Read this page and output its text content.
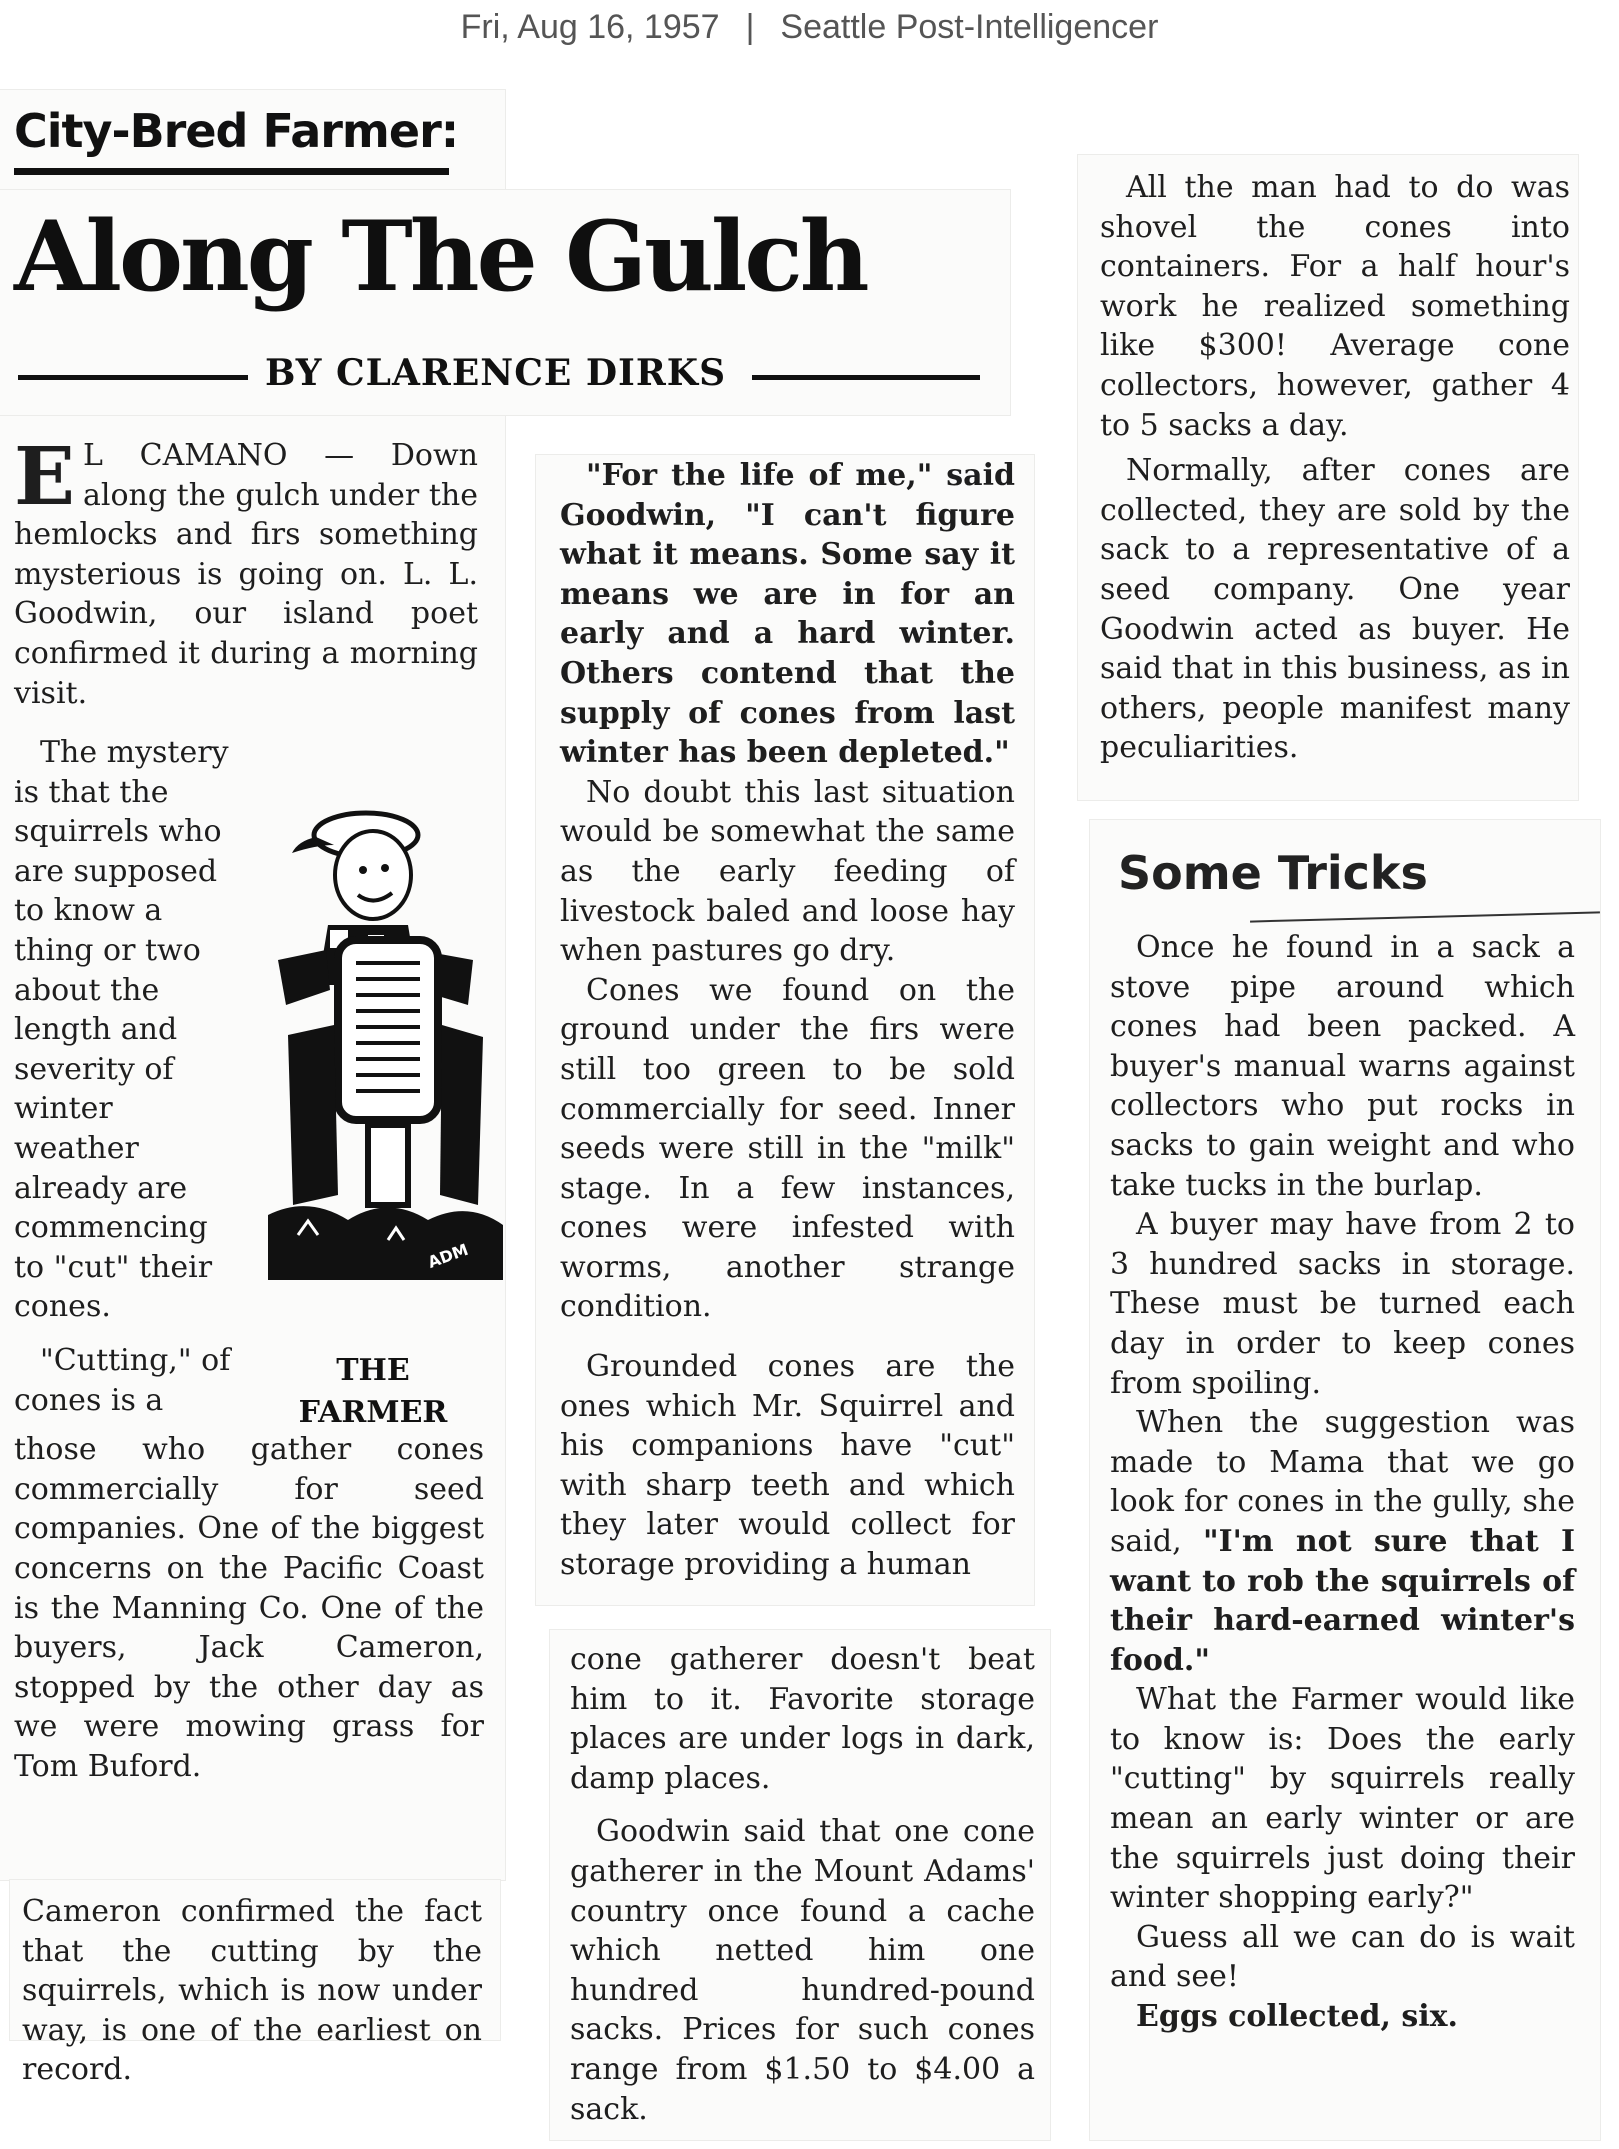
Fri, Aug 16, 1957 | Seattle Post-Intelligencer
City-Bred Farmer:
Along The Gulch
BY CLARENCE DIRKS

E L CAMANO — Down along the gulch under the hemlocks and firs something mysterious is going on. L. L. Goodwin, our island poet confirmed it during a morning visit.

The mystery is that the squirrels who are supposed to know a thing or two about the length and severity of winter weather already are commencing to "cut" their cones.

ADM
THE FARMER

"Cutting," of cones is a

those who gather cones commercially for seed companies. One of the biggest concerns on the Pacific Coast is the Manning Co. One of the buyers, Jack Cameron, stopped by the other day as we were mowing grass for Tom Buford.

Cameron confirmed the fact that the cutting by the squirrels, which is now under way, is one of the earliest on record.

"For the life of me," said Goodwin, "I can't figure what it means. Some say it means we are in for an early and a hard winter. Others contend that the supply of cones from last winter has been depleted."

No doubt this last situation would be somewhat the same as the early feeding of livestock baled and loose hay when pastures go dry.

Cones we found on the ground under the firs were still too green to be sold commercially for seed. Inner seeds were still in the "milk" stage. In a few instances, cones were infested with worms, another strange condition.

Grounded cones are the ones which Mr. Squirrel and his companions have "cut" with sharp teeth and which they later would collect for storage providing a human

cone gatherer doesn't beat him to it. Favorite storage places are under logs in dark, damp places.

Goodwin said that one cone gatherer in the Mount Adams' country once found a cache which netted him one hundred hundred-pound sacks. Prices for such cones range from $1.50 to $4.00 a sack.

All the man had to do was shovel the cones into containers. For a half hour's work he realized something like $300! Average cone collectors, however, gather 4 to 5 sacks a day.

Normally, after cones are collected, they are sold by the sack to a representative of a seed company. One year Goodwin acted as buyer. He said that in this business, as in others, people manifest many peculiarities.

Some Tricks

Once he found in a sack a stove pipe around which cones had been packed. A buyer's manual warns against collectors who put rocks in sacks to gain weight and who take tucks in the burlap.

A buyer may have from 2 to 3 hundred sacks in storage. These must be turned each day in order to keep cones from spoiling.

When the suggestion was made to Mama that we go look for cones in the gully, she said, "I'm not sure that I want to rob the squirrels of their hard-earned winter's food."

What the Farmer would like to know is: Does the early "cutting" by squirrels really mean an early winter or are the squirrels just doing their winter shopping early?"

Guess all we can do is wait and see!

Eggs collected, six.
